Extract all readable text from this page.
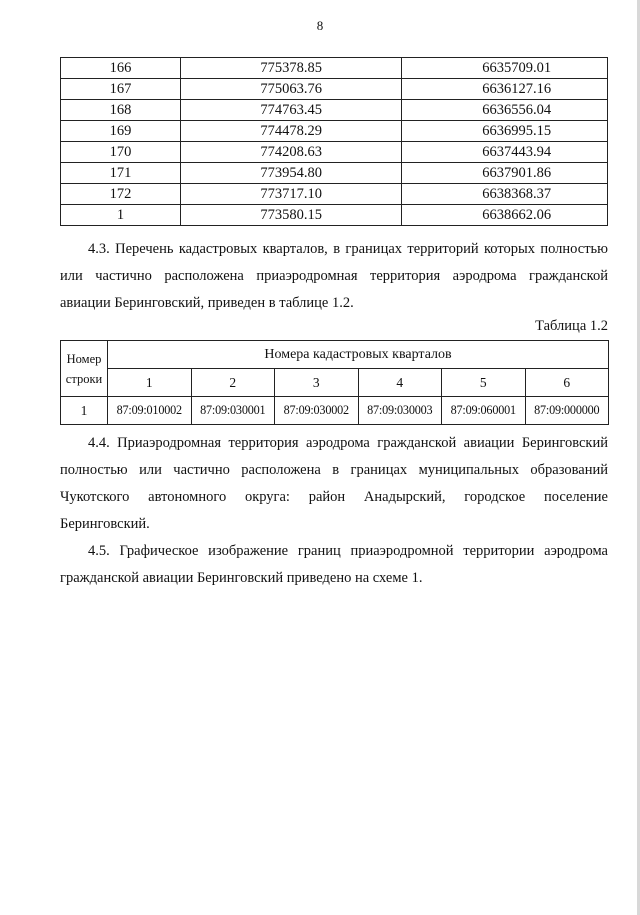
8
166	775378.85	6635709.01
167	775063.76	6636127.16
168	774763.45	6636556.04
169	774478.29	6636995.15
170	774208.63	6637443.94
171	773954.80	6637901.86
172	773717.10	6638368.37
1	773580.15	6638662.06

4.3. Перечень кадастровых кварталов, в границах территорий которых полностью или частично расположена приаэродромная территория аэродрома гражданской авиации Беринговский, приведен в таблице 1.2.

Таблица 1.2
Номер строки	Номера кадастровых кварталов					
	1	2	3	4	5	6
1	87:09:010002	87:09:030001	87:09:030002	87:09:030003	87:09:060001	87:09:000000

4.4. Приаэродромная территория аэродрома гражданской авиации Беринговский полностью или частично расположена в границах муниципальных образований Чукотского автономного округа: район Анадырский, городское поселение Беринговский.

4.5. Графическое изображение границ приаэродромной территории аэродрома гражданской авиации Беринговский приведено на схеме 1.
